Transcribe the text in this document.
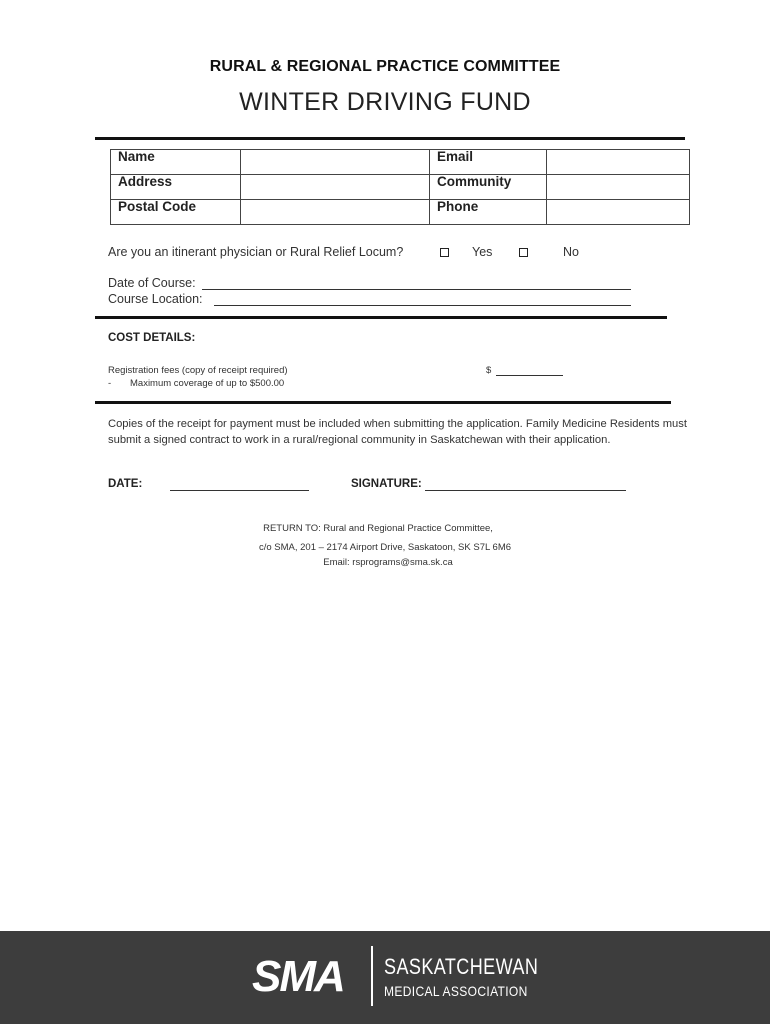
RURAL & REGIONAL PRACTICE COMMITTEE
WINTER DRIVING FUND
Name		Email	
Address		Community	
Postal Code		Phone	
Are you an itinerant physician or Rural Relief Locum?	Yes	No
Date of Course:
Course Location:
COST DETAILS:
Registration fees (copy of receipt required)	$
- Maximum coverage of up to $500.00
Copies of the receipt for payment must be included when submitting the application. Family Medicine Residents must submit a signed contract to work in a rural/regional community in Saskatchewan with their application.
DATE:	SIGNATURE:
RETURN TO: Rural and Regional Practice Committee,
c/o SMA, 201 – 2174 Airport Drive, Saskatoon, SK S7L 6M6
Email: rsprograms@sma.sk.ca
SMA SASKATCHEWAN
MEDICAL ASSOCIATION
